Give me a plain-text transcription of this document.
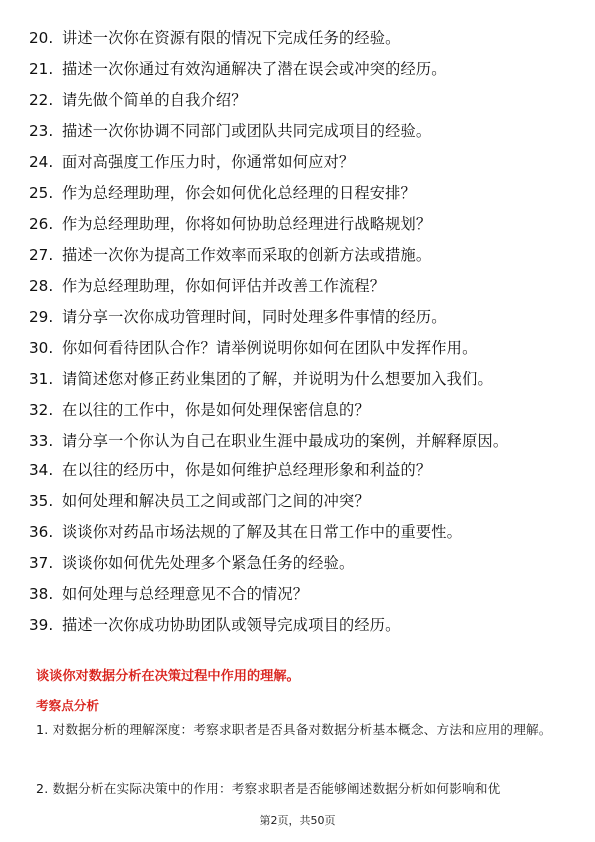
20. 讲述一次你在资源有限的情况下完成任务的经验。
21. 描述一次你通过有效沟通解决了潜在误会或冲突的经历。
22. 请先做个简单的自我介绍？
23. 描述一次你协调不同部门或团队共同完成项目的经验。
24. 面对高强度工作压力时，你通常如何应对？
25. 作为总经理助理，你会如何优化总经理的日程安排？
26. 作为总经理助理，你将如何协助总经理进行战略规划？
27. 描述一次你为提高工作效率而采取的创新方法或措施。
28. 作为总经理助理，你如何评估并改善工作流程？
29. 请分享一次你成功管理时间，同时处理多件事情的经历。
30. 你如何看待团队合作？请举例说明你如何在团队中发挥作用。
31. 请简述您对修正药业集团的了解，并说明为什么想要加入我们。
32. 在以往的工作中，你是如何处理保密信息的？
33. 请分享一个你认为自己在职业生涯中最成功的案例，并解释原因。
34. 在以往的经历中，你是如何维护总经理形象和利益的？
35. 如何处理和解决员工之间或部门之间的冲突？
36. 谈谈你对药品市场法规的了解及其在日常工作中的重要性。
37. 谈谈你如何优先处理多个紧急任务的经验。
38. 如何处理与总经理意见不合的情况？
39. 描述一次你成功协助团队或领导完成项目的经历。
谈谈你对数据分析在决策过程中作用的理解。
考察点分析
1. 对数据分析的理解深度：考察求职者是否具备对数据分析基本概念、方法和应用的理解。
2. 数据分析在实际决策中的作用：考察求职者是否能够阐述数据分析如何影响和优
第2页，共50页
